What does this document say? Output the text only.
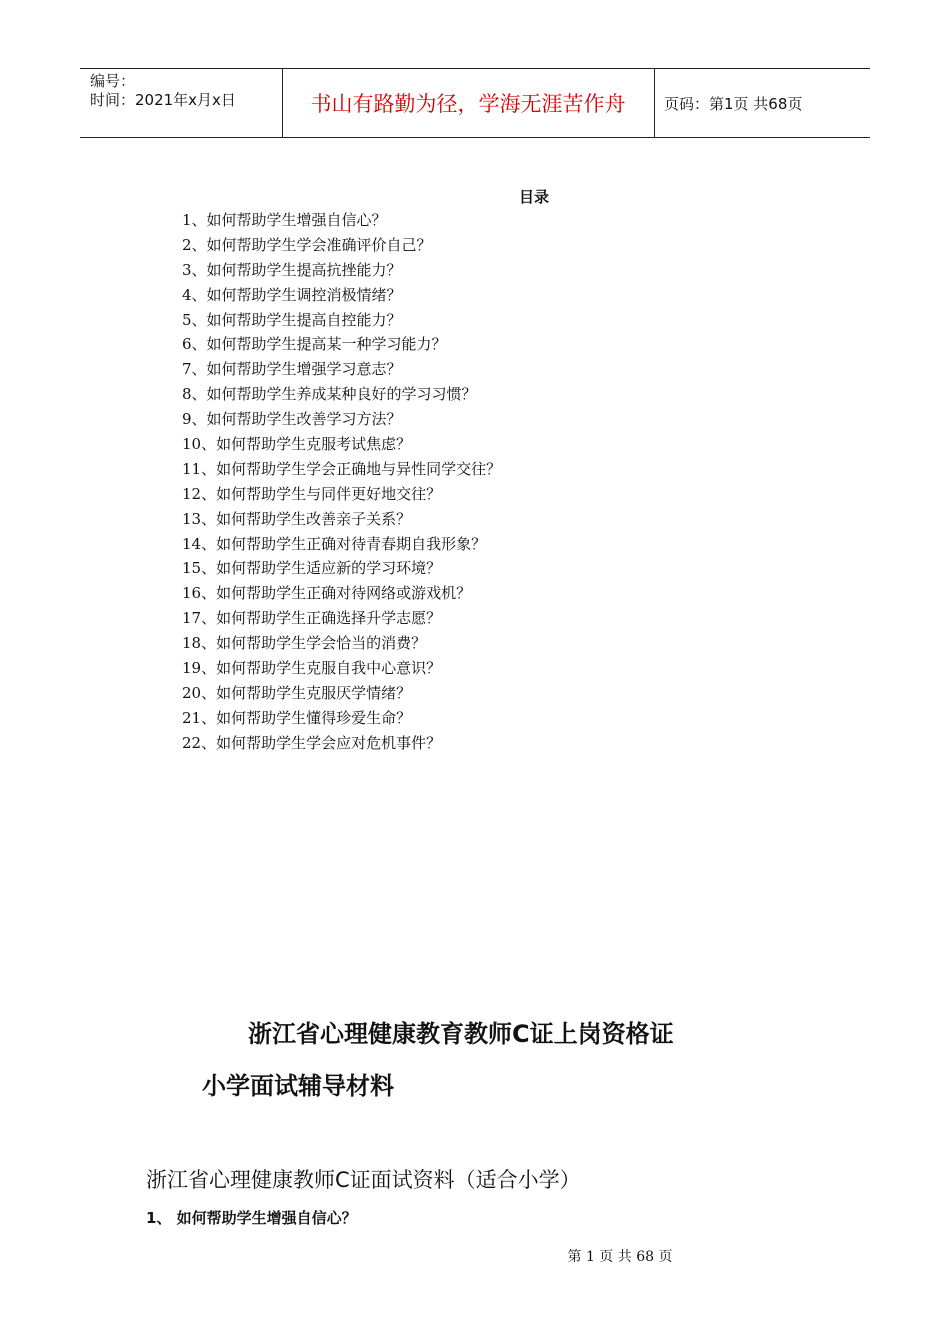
编号：
时间：2021年x月x日	书山有路勤为径，学海无涯苦作舟	页码：第1页 共68页
目录
1、如何帮助学生增强自信心？
2、如何帮助学生学会准确评价自己？
3、如何帮助学生提高抗挫能力？
4、如何帮助学生调控消极情绪？
5、如何帮助学生提高自控能力？
6、如何帮助学生提高某一种学习能力？
7、如何帮助学生增强学习意志？
8、如何帮助学生养成某种良好的学习习惯？
9、如何帮助学生改善学习方法？
10、如何帮助学生克服考试焦虑？
11、如何帮助学生学会正确地与异性同学交往？
12、如何帮助学生与同伴更好地交往？
13、如何帮助学生改善亲子关系？
14、如何帮助学生正确对待青春期自我形象？
15、如何帮助学生适应新的学习环境？
16、如何帮助学生正确对待网络或游戏机？
17、如何帮助学生正确选择升学志愿？
18、如何帮助学生学会恰当的消费？
19、如何帮助学生克服自我中心意识？
20、如何帮助学生克服厌学情绪？
21、如何帮助学生懂得珍爱生命？
22、如何帮助学生学会应对危机事件？
浙江省心理健康教育教师C证上岗资格证
小学面试辅导材料
浙江省心理健康教师C证面试资料（适合小学）
1、 如何帮助学生增强自信心？
第 1 页 共 68 页
